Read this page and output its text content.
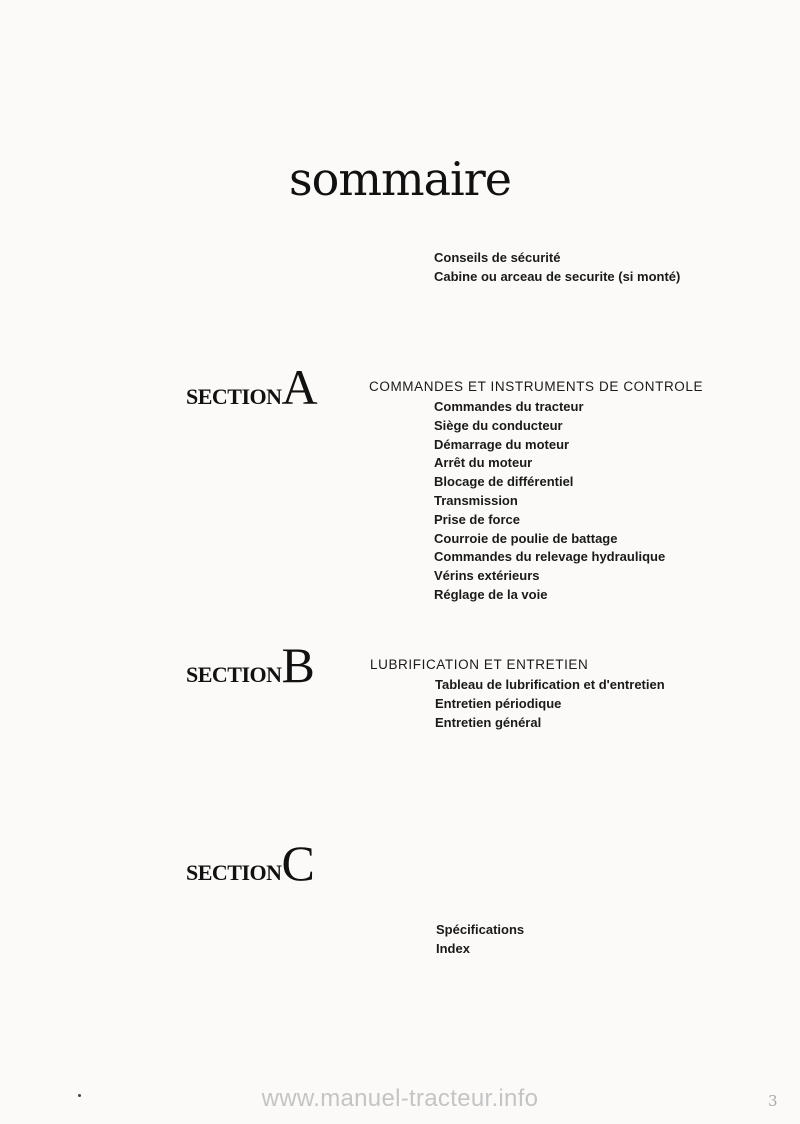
sommaire
Conseils de sécurité
Cabine ou arceau de securite (si monté)
SECTIONA	COMMANDES ET INSTRUMENTS DE CONTROLE
Commandes du tracteur
Siège du conducteur
Démarrage du moteur
Arrêt du moteur
Blocage de différentiel
Transmission
Prise de force
Courroie de poulie de battage
Commandes du relevage hydraulique
Vérins extérieurs
Réglage de la voie
SECTIONB	LUBRIFICATION ET ENTRETIEN
Tableau de lubrification et d'entretien
Entretien périodique
Entretien général
SECTIONC
Spécifications
Index
www.manuel-tracteur.info	3
